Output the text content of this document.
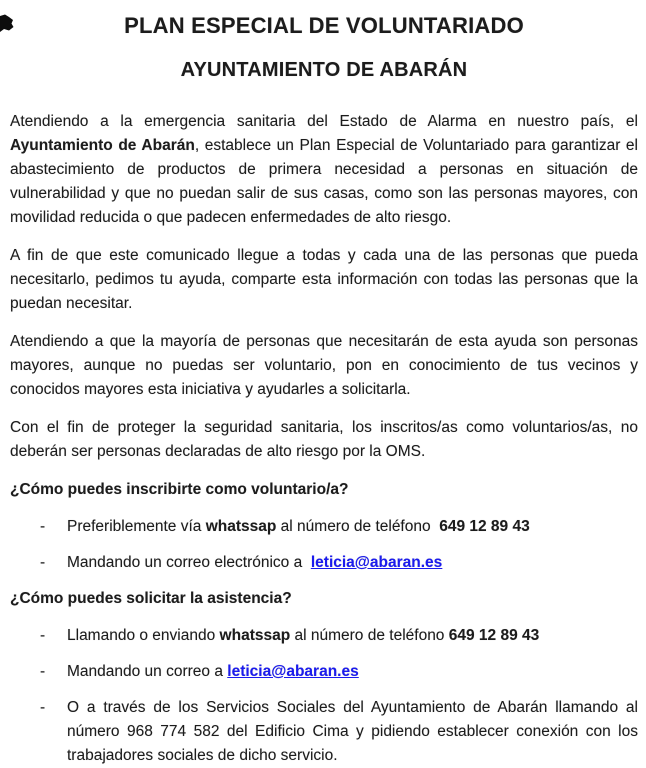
PLAN ESPECIAL DE VOLUNTARIADO
AYUNTAMIENTO DE ABARÁN

Atendiendo a la emergencia sanitaria del Estado de Alarma en nuestro país, el Ayuntamiento de Abarán, establece un Plan Especial de Voluntariado para garantizar el abastecimiento de productos de primera necesidad a personas en situación de vulnerabilidad y que no puedan salir de sus casas, como son las personas mayores, con movilidad reducida o que padecen enfermedades de alto riesgo.

A fin de que este comunicado llegue a todas y cada una de las personas que pueda necesitarlo, pedimos tu ayuda, comparte esta información con todas las personas que la puedan necesitar.

Atendiendo a que la mayoría de personas que necesitarán de esta ayuda son personas mayores, aunque no puedas ser voluntario, pon en conocimiento de tus vecinos y conocidos mayores esta iniciativa y ayudarles a solicitarla.

Con el fin de proteger la seguridad sanitaria, los inscritos/as como voluntarios/as, no deberán ser personas declaradas de alto riesgo por la OMS.

¿Cómo puedes inscribirte como voluntario/a?
-	Preferiblemente vía whatssap al número de teléfono  649 12 89 43
-	Mandando un correo electrónico a  leticia@abaran.es
¿Cómo puedes solicitar la asistencia?
-	Llamando o enviando whatssap al número de teléfono 649 12 89 43
-	Mandando un correo a leticia@abaran.es
-	O a través de los Servicios Sociales del Ayuntamiento de Abarán llamando al número 968 774 582 del Edificio Cima y pidiendo establecer conexión con los trabajadores sociales de dicho servicio.
